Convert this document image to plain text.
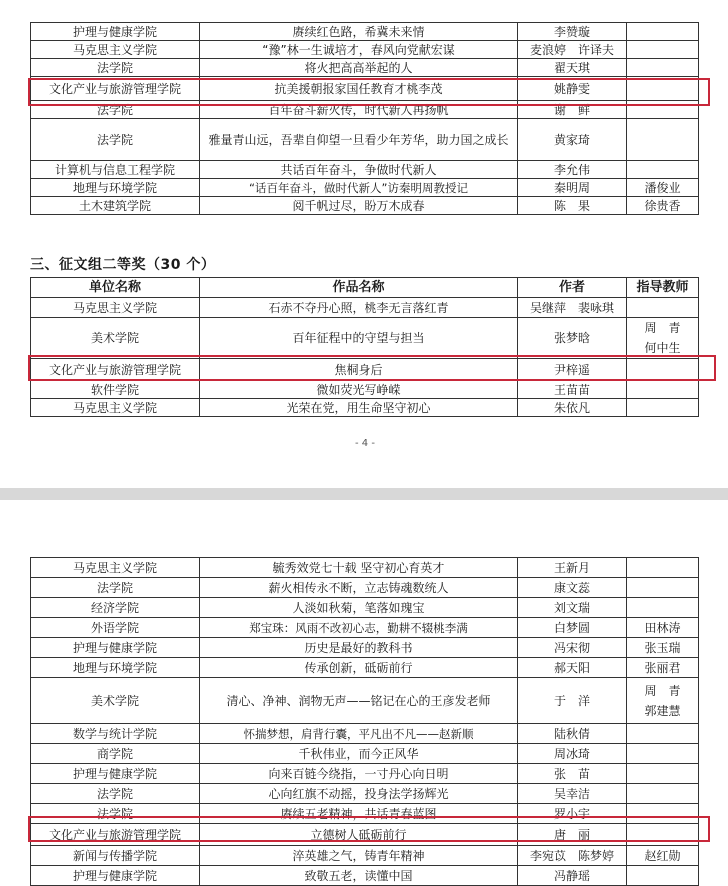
护理与健康学院	赓续红色路，希冀未来情	李赞璇	
马克思主义学院	“豫”林一生诚培才，春风向党献宏谋	麦浪婷　许译夫	
法学院	将火把高高举起的人	翟天琪	
文化产业与旅游管理学院	抗美援朝报家国任教育才桃李茂	姚静雯	
法学院	百年奋斗薪火传，时代新人再扬帆	谢　鲜	
法学院	雅量青山远，吾辈自仰望一旦看少年芳华，助力国之成长	黄家琦	
计算机与信息工程学院	共话百年奋斗，争做时代新人	李允伟	
地理与环境学院	“话百年奋斗，做时代新人”访秦明周教授记	秦明周	潘俊业
土木建筑学院	阅千帆过尽，盼万木成春	陈　果	徐贵香
三、征文组二等奖（30 个）
单位名称	作品名称	作者	指导教师
马克思主义学院	石赤不夺丹心照，桃李无言落红青	吴继萍　裴咏琪	

美术学院	百年征程中的守望与担当	张梦晗	周　青
何中生

文化产业与旅游管理学院	焦桐身后	尹梓遥	
软件学院	微如荧光写峥嵘	王苗苗	
马克思主义学院	光荣在党，用生命坚守初心	朱依凡	
- 4 -
马克思主义学院	毓秀效党七十载 坚守初心育英才	王新月	
法学院	薪火相传永不断，立志铸魂数统人	康文蕊	
经济学院	人淡如秋菊，笔落如瑰宝	刘文瑞	
外语学院	郑宝珠：风雨不改初心志，勤耕不辍桃李满	白梦圆	田林涛
护理与健康学院	历史是最好的教科书	冯宋彻	张玉瑞
地理与环境学院	传承创新，砥砺前行	郝天阳	张丽君
美术学院	清心、净神、润物无声——铭记在心的王彦发老师	于　洋	周　青
郭建慧

数学与统计学院	怀揣梦想，肩背行囊，平凡出不凡——赵新顺	陆秋倩	
商学院	千秋伟业，而今正风华	周冰琦	
护理与健康学院	向来百链今绕指，一寸丹心向日明	张　苗	
法学院	心向红旗不动摇，投身法学扬辉光	吴幸洁	
法学院	赓续五老精神，共话青春蓝图	罗小宇	
文化产业与旅游管理学院	立德树人砥砺前行	唐　丽	
新闻与传播学院	淬英雄之气，铸青年精神	李宛苡　陈梦婷	赵红勋
护理与健康学院	致敬五老，读懂中国	冯静瑶	
